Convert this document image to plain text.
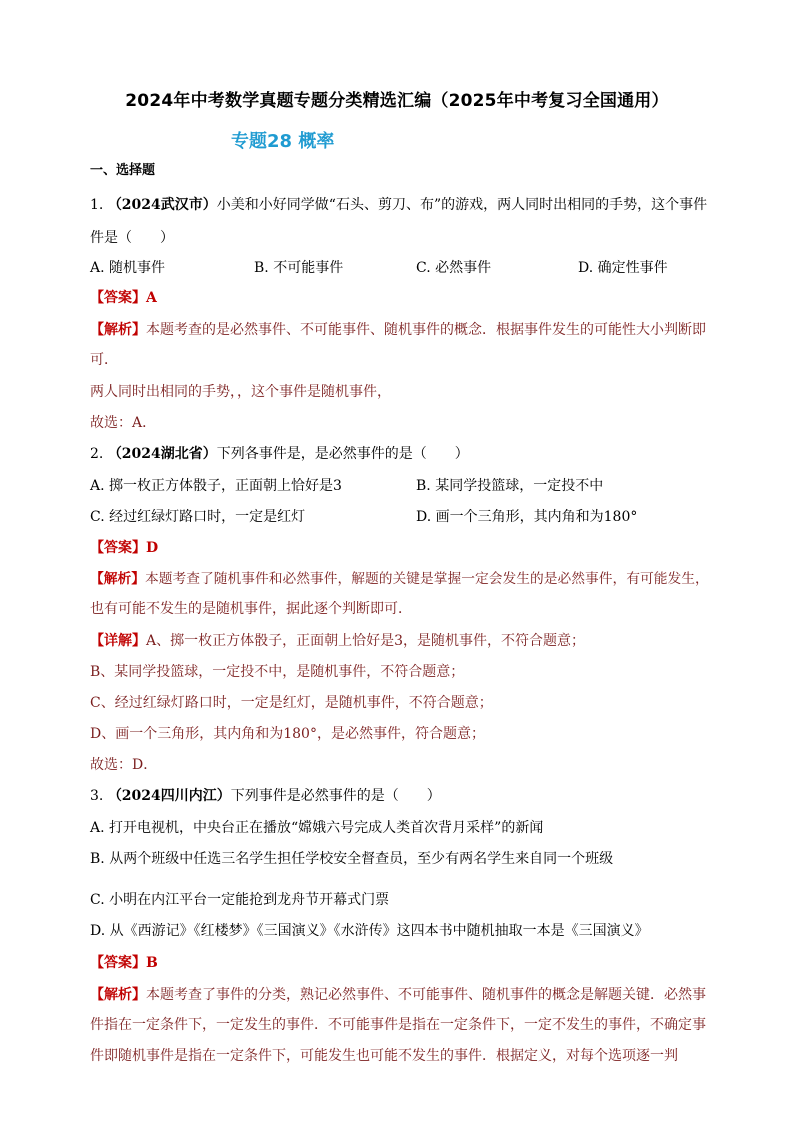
2024年中考数学真题专题分类精选汇编（2025年中考复习全国通用）
专题28 概率
一、选择题
1. （2024武汉市）小美和小好同学做“石头、剪刀、布”的游戏，两人同时出相同的手势，这个事件
件是（　　）
A. 随机事件	B. 不可能事件	C. 必然事件	D. 确定性事件
【答案】A
【解析】本题考查的是必然事件、不可能事件、随机事件的概念．根据事件发生的可能性大小判断即
可．
两人同时出相同的手势，，这个事件是随机事件，
故选：A．
2. （2024湖北省）下列各事件是，是必然事件的是（　　）
A. 掷一枚正方体骰子，正面朝上恰好是3	B. 某同学投篮球，一定投不中
C. 经过红绿灯路口时，一定是红灯	D. 画一个三角形，其内角和为180°
【答案】D
【解析】本题考查了随机事件和必然事件，解题的关键是掌握一定会发生的是必然事件，有可能发生，
也有可能不发生的是随机事件，据此逐个判断即可．
【详解】A、掷一枚正方体骰子，正面朝上恰好是3，是随机事件，不符合题意；
B、某同学投篮球，一定投不中，是随机事件，不符合题意；
C、经过红绿灯路口时，一定是红灯，是随机事件，不符合题意；
D、画一个三角形，其内角和为180°，是必然事件，符合题意；
故选：D．
3. （2024四川内江）下列事件是必然事件的是（　　）
A. 打开电视机，中央台正在播放“嫦娥六号完成人类首次背月采样”的新闻
B. 从两个班级中任选三名学生担任学校安全督查员，至少有两名学生来自同一个班级
C. 小明在内江平台一定能抢到龙舟节开幕式门票
D. 从《西游记》《红楼梦》《三国演义》《水浒传》这四本书中随机抽取一本是《三国演义》
【答案】B
【解析】本题考查了事件的分类，熟记必然事件、不可能事件、随机事件的概念是解题关键．必然事
件指在一定条件下，一定发生的事件．不可能事件是指在一定条件下，一定不发生的事件，不确定事
件即随机事件是指在一定条件下，可能发生也可能不发生的事件．根据定义，对每个选项逐一判
